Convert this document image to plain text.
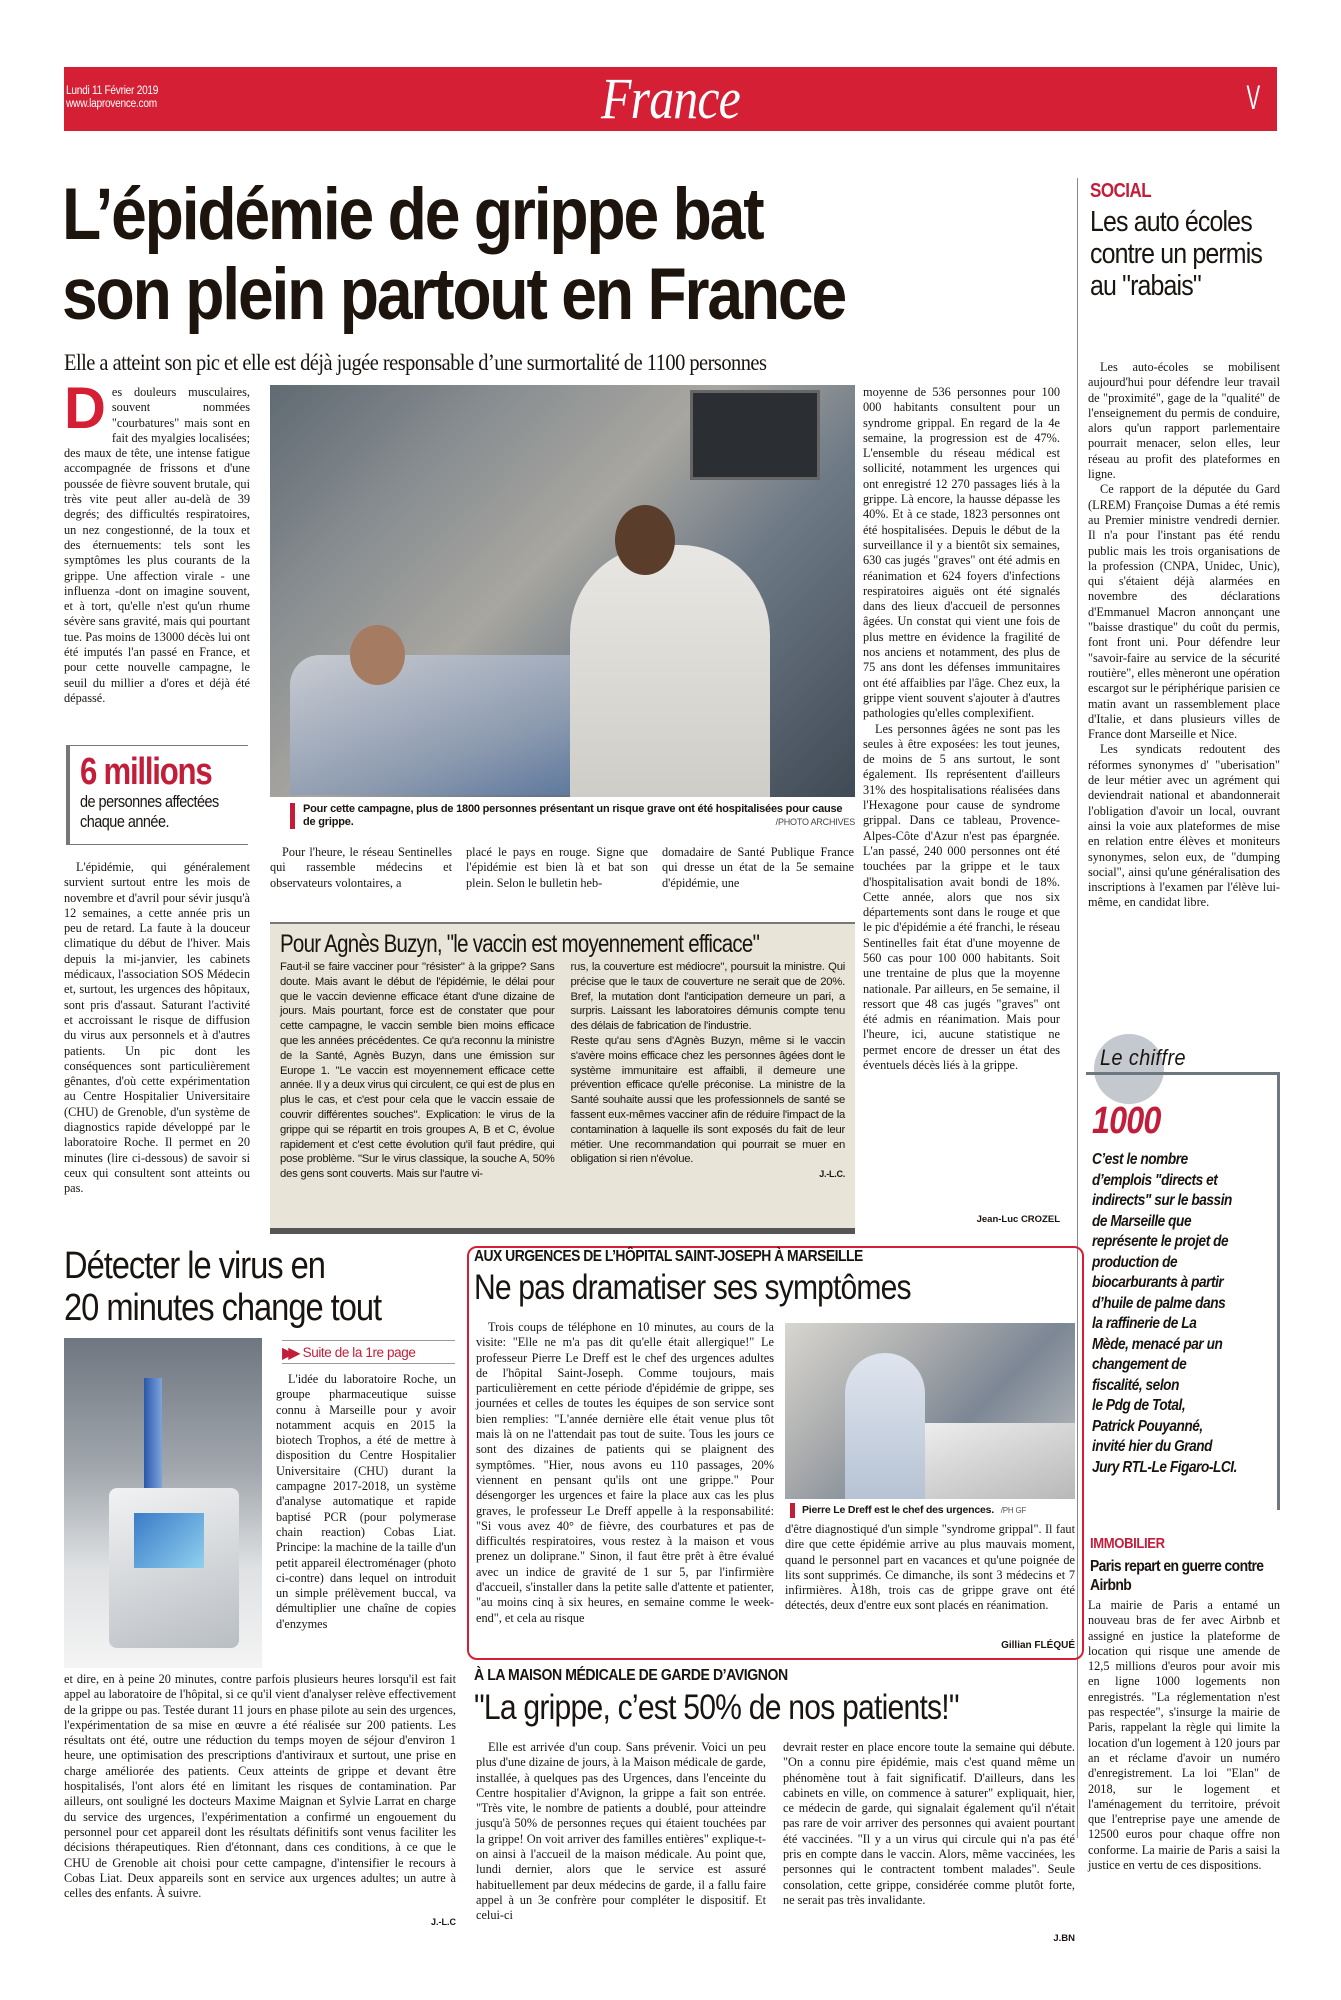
Lundi 11 Février 2019
www.laprovence.com	France	V
L’épidémie de grippe bat
son plein partout en France
Elle a atteint son pic et elle est déjà jugée responsable d’une surmortalité de 1100 personnes

Des douleurs musculaires, souvent nommées "courbatures" mais sont en fait des myalgies localisées; des maux de tête, une intense fatigue accompagnée de frissons et d'une poussée de fièvre souvent brutale, qui très vite peut aller au-delà de 39 degrés; des difficultés respiratoires, un nez congestionné, de la toux et des éternuements: tels sont les symptômes les plus courants de la grippe. Une affection virale - une influenza -dont on imagine souvent, et à tort, qu'elle n'est qu'un rhume sévère sans gravité, mais qui pourtant tue. Pas moins de 13000 décès lui ont été imputés l'an passé en France, et pour cette nouvelle campagne, le seuil du millier a d'ores et déjà été dépassé.

6 millions
de personnes affectées
chaque année.

L'épidémie, qui généralement survient surtout entre les mois de novembre et d'avril pour sévir jusqu'à 12 semaines, a cette année pris un peu de retard. La faute à la douceur climatique du début de l'hiver. Mais depuis la mi-janvier, les cabinets médicaux, l'association SOS Médecin et, surtout, les urgences des hôpitaux, sont pris d'assaut. Saturant l'activité et accroissant le risque de diffusion du virus aux personnels et à d'autres patients. Un pic dont les conséquences sont particulièrement gênantes, d'où cette expérimentation au Centre Hospitalier Universitaire (CHU) de Grenoble, d'un système de diagnostics rapide développé par le laboratoire Roche. Il permet en 20 minutes (lire ci-dessous) de savoir si ceux qui consultent sont atteints ou pas.

Pour cette campagne, plus de 1800 personnes présentant un risque grave ont été hospitalisées pour cause de grippe.	/PHOTO ARCHIVES

Pour l'heure, le réseau Sentinelles qui rassemble médecins et observateurs volontaires, a

placé le pays en rouge. Signe que l'épidémie est bien là et bat son plein. Selon le bulletin heb-

domadaire de Santé Publique France qui dresse un état de la 5e semaine d'épidémie, une

Pour Agnès Buzyn, "le vaccin est moyennement efficace"
Faut-il se faire vacciner pour "résister" à la grippe? Sans doute. Mais avant le début de l'épidémie, le délai pour que le vaccin devienne efficace étant d'une dizaine de jours. Mais pourtant, force est de constater que pour cette campagne, le vaccin semble bien moins efficace que les années précédentes. Ce qu'a reconnu la ministre de la Santé, Agnès Buzyn, dans une émission sur Europe 1. "Le vaccin est moyennement efficace cette année. Il y a deux virus qui circulent, ce qui est de plus en plus le cas, et c'est pour cela que le vaccin essaie de couvrir différentes souches". Explication: le virus de la grippe qui se répartit en trois groupes A, B et C, évolue rapidement et c'est cette évolution qu'il faut prédire, qui pose problème. "Sur le virus classique, la souche A, 50% des gens sont couverts. Mais sur l'autre vi-
rus, la couverture est médiocre", poursuit la ministre. Qui précise que le taux de couverture ne serait que de 20%. Bref, la mutation dont l'anticipation demeure un pari, a surpris. Laissant les laboratoires démunis compte tenu des délais de fabrication de l'industrie.
Reste qu'au sens d'Agnès Buzyn, même si le vaccin s'avère moins efficace chez les personnes âgées dont le système immunitaire est affaibli, il demeure une prévention efficace qu'elle préconise. La ministre de la Santé souhaite aussi que les professionnels de santé se fassent eux-mêmes vacciner afin de réduire l'impact de la contamination à laquelle ils sont exposés du fait de leur métier. Une recommandation qui pourrait se muer en obligation si rien n'évolue.
J.-L.C.

moyenne de 536 personnes pour 100 000 habitants consultent pour un syndrome grippal. En regard de la 4e semaine, la progression est de 47%. L'ensemble du réseau médical est sollicité, notamment les urgences qui ont enregistré 12 270 passages liés à la grippe. Là encore, la hausse dépasse les 40%. Et à ce stade, 1823 personnes ont été hospitalisées. Depuis le début de la surveillance il y a bientôt six semaines, 630 cas jugés "graves" ont été admis en réanimation et 624 foyers d'infections respiratoires aiguës ont été signalés dans des lieux d'accueil de personnes âgées. Un constat qui vient une fois de plus mettre en évidence la fragilité de nos anciens et notamment, des plus de 75 ans dont les défenses immunitaires ont été affaiblies par l'âge. Chez eux, la grippe vient souvent s'ajouter à d'autres pathologies qu'elles complexifient.

Les personnes âgées ne sont pas les seules à être exposées: les tout jeunes, de moins de 5 ans surtout, le sont également. Ils représentent d'ailleurs 31% des hospitalisations réalisées dans l'Hexagone pour cause de syndrome grippal. Dans ce tableau, Provence-Alpes-Côte d'Azur n'est pas épargnée. L'an passé, 240 000 personnes ont été touchées par la grippe et le taux d'hospitalisation avait bondi de 18%. Cette année, alors que nos six départements sont dans le rouge et que le pic d'épidémie a été franchi, le réseau Sentinelles fait état d'une moyenne de 560 cas pour 100 000 habitants. Soit une trentaine de plus que la moyenne nationale. Par ailleurs, en 5e semaine, il ressort que 48 cas jugés "graves" ont été admis en réanimation. Mais pour l'heure, ici, aucune statistique ne permet encore de dresser un état des éventuels décès liés à la grippe.

Jean-Luc CROZEL
SOCIAL
Les auto écoles contre un permis au "rabais"

Les auto-écoles se mobilisent aujourd'hui pour défendre leur travail de "proximité", gage de la "qualité" de l'enseignement du permis de conduire, alors qu'un rapport parlementaire pourrait menacer, selon elles, leur réseau au profit des plateformes en ligne.

Ce rapport de la députée du Gard (LREM) Françoise Dumas a été remis au Premier ministre vendredi dernier. Il n'a pour l'instant pas été rendu public mais les trois organisations de la profession (CNPA, Unidec, Unic), qui s'étaient déjà alarmées en novembre des déclarations d'Emmanuel Macron annonçant une "baisse drastique" du coût du permis, font front uni. Pour défendre leur "savoir-faire au service de la sécurité routière", elles mèneront une opération escargot sur le périphérique parisien ce matin avant un rassemblement place d'Italie, et dans plusieurs villes de France dont Marseille et Nice.

Les syndicats redoutent des réformes synonymes d' "uberisation" de leur métier avec un agrément qui deviendrait national et abandonnerait l'obligation d'avoir un local, ouvrant ainsi la voie aux plateformes de mise en relation entre élèves et moniteurs synonymes, selon eux, de "dumping social", ainsi qu'une généralisation des inscriptions à l'examen par l'élève lui-même, en candidat libre.

Le chiffre
1000
C’est le nombre
d’emplois "directs et
indirects" sur le bassin
de Marseille que
représente le projet de
production de
biocarburants à partir
d’huile de palme dans
la raffinerie de La
Mède, menacé par un
changement de
fiscalité, selon
le Pdg de Total,
Patrick Pouyanné,
invité hier du Grand
Jury RTL-Le Figaro-LCI.
IMMOBILIER
Paris repart en guerre contre Airbnb

La mairie de Paris a entamé un nouveau bras de fer avec Airbnb et assigné en justice la plateforme de location qui risque une amende de 12,5 millions d'euros pour avoir mis en ligne 1000 logements non enregistrés. "La réglementation n'est pas respectée", s'insurge la mairie de Paris, rappelant la règle qui limite la location d'un logement à 120 jours par an et réclame d'avoir un numéro d'enregistrement. La loi "Elan" de 2018, sur le logement et l'aménagement du territoire, prévoit que l'entreprise paye une amende de 12500 euros pour chaque offre non conforme. La mairie de Paris a saisi la justice en vertu de ces dispositions.

Détecter le virus en
20 minutes change tout
▶▶ Suite de la 1re page

L'idée du laboratoire Roche, un groupe pharmaceutique suisse connu à Marseille pour y avoir notamment acquis en 2015 la biotech Trophos, a été de mettre à disposition du Centre Hospitalier Universitaire (CHU) durant la campagne 2017-2018, un système d'analyse automatique et rapide baptisé PCR (pour polymerase chain reaction) Cobas Liat. Principe: la machine de la taille d'un petit appareil électroménager (photo ci-contre) dans lequel on introduit un simple prélèvement buccal, va démultiplier une chaîne de copies d'enzymes

et dire, en à peine 20 minutes, contre parfois plusieurs heures lorsqu'il est fait appel au laboratoire de l'hôpital, si ce qu'il vient d'analyser relève effectivement de la grippe ou pas. Testée durant 11 jours en phase pilote au sein des urgences, l'expérimentation de sa mise en œuvre a été réalisée sur 200 patients. Les résultats ont été, outre une réduction du temps moyen de séjour d'environ 1 heure, une optimisation des prescriptions d'antiviraux et surtout, une prise en charge améliorée des patients. Ceux atteints de grippe et devant être hospitalisés, l'ont alors été en limitant les risques de contamination. Par ailleurs, ont souligné les docteurs Maxime Maignan et Sylvie Larrat en charge du service des urgences, l'expérimentation a confirmé un engouement du personnel pour cet appareil dont les résultats définitifs sont venus faciliter les décisions thérapeutiques. Rien d'étonnant, dans ces conditions, à ce que le CHU de Grenoble ait choisi pour cette campagne, d'intensifier le recours à Cobas Liat. Deux appareils sont en service aux urgences adultes; un autre à celles des enfants. À suivre.

J.-L.C
AUX URGENCES DE L’HÔPITAL SAINT-JOSEPH À MARSEILLE
Ne pas dramatiser ses symptômes

Trois coups de téléphone en 10 minutes, au cours de la visite: "Elle ne m'a pas dit qu'elle était allergique!" Le professeur Pierre Le Dreff est le chef des urgences adultes de l'hôpital Saint-Joseph. Comme toujours, mais particulièrement en cette période d'épidémie de grippe, ses journées et celles de toutes les équipes de son service sont bien remplies: "L'année dernière elle était venue plus tôt mais là on ne l'attendait pas tout de suite. Tous les jours ce sont des dizaines de patients qui se plaignent des symptômes. "Hier, nous avons eu 110 passages, 20% viennent en pensant qu'ils ont une grippe." Pour désengorger les urgences et faire la place aux cas les plus graves, le professeur Le Dreff appelle à la responsabilité: "Si vous avez 40° de fièvre, des courbatures et pas de difficultés respiratoires, vous restez à la maison et vous prenez un doliprane." Sinon, il faut être prêt à être évalué avec un indice de gravité de 1 sur 5, par l'infirmière d'accueil, s'installer dans la petite salle d'attente et patienter, "au moins cinq à six heures, en semaine comme le week-end", et cela au risque

Pierre Le Dreff est le chef des urgences. /PH GF

d'être diagnostiqué d'un simple "syndrome grippal". Il faut dire que cette épidémie arrive au plus mauvais moment, quand le personnel part en vacances et qu'une poignée de lits sont supprimés. Ce dimanche, ils sont 3 médecins et 7 infirmières. À18h, trois cas de grippe grave ont été détectés, deux d'entre eux sont placés en réanimation.

Gillian FLÉQUÉ
À LA MAISON MÉDICALE DE GARDE D’AVIGNON
"La grippe, c’est 50% de nos patients!"

Elle est arrivée d'un coup. Sans prévenir. Voici un peu plus d'une dizaine de jours, à la Maison médicale de garde, installée, à quelques pas des Urgences, dans l'enceinte du Centre hospitalier d'Avignon, la grippe a fait son entrée. "Très vite, le nombre de patients a doublé, pour atteindre jusqu'à 50% de personnes reçues qui étaient touchées par la grippe! On voit arriver des familles entières" explique-t-on ainsi à l'accueil de la maison médicale. Au point que, lundi dernier, alors que le service est assuré habituellement par deux médecins de garde, il a fallu faire appel à un 3e confrère pour compléter le dispositif. Et celui-ci

devrait rester en place encore toute la semaine qui débute. "On a connu pire épidémie, mais c'est quand même un phénomène tout à fait significatif. D'ailleurs, dans les cabinets en ville, on commence à saturer" expliquait, hier, ce médecin de garde, qui signalait également qu'il n'était pas rare de voir arriver des personnes qui avaient pourtant été vaccinées. "Il y a un virus qui circule qui n'a pas été pris en compte dans le vaccin. Alors, même vaccinées, les personnes qui le contractent tombent malades". Seule consolation, cette grippe, considérée comme plutôt forte, ne serait pas très invalidante.

J.BN
